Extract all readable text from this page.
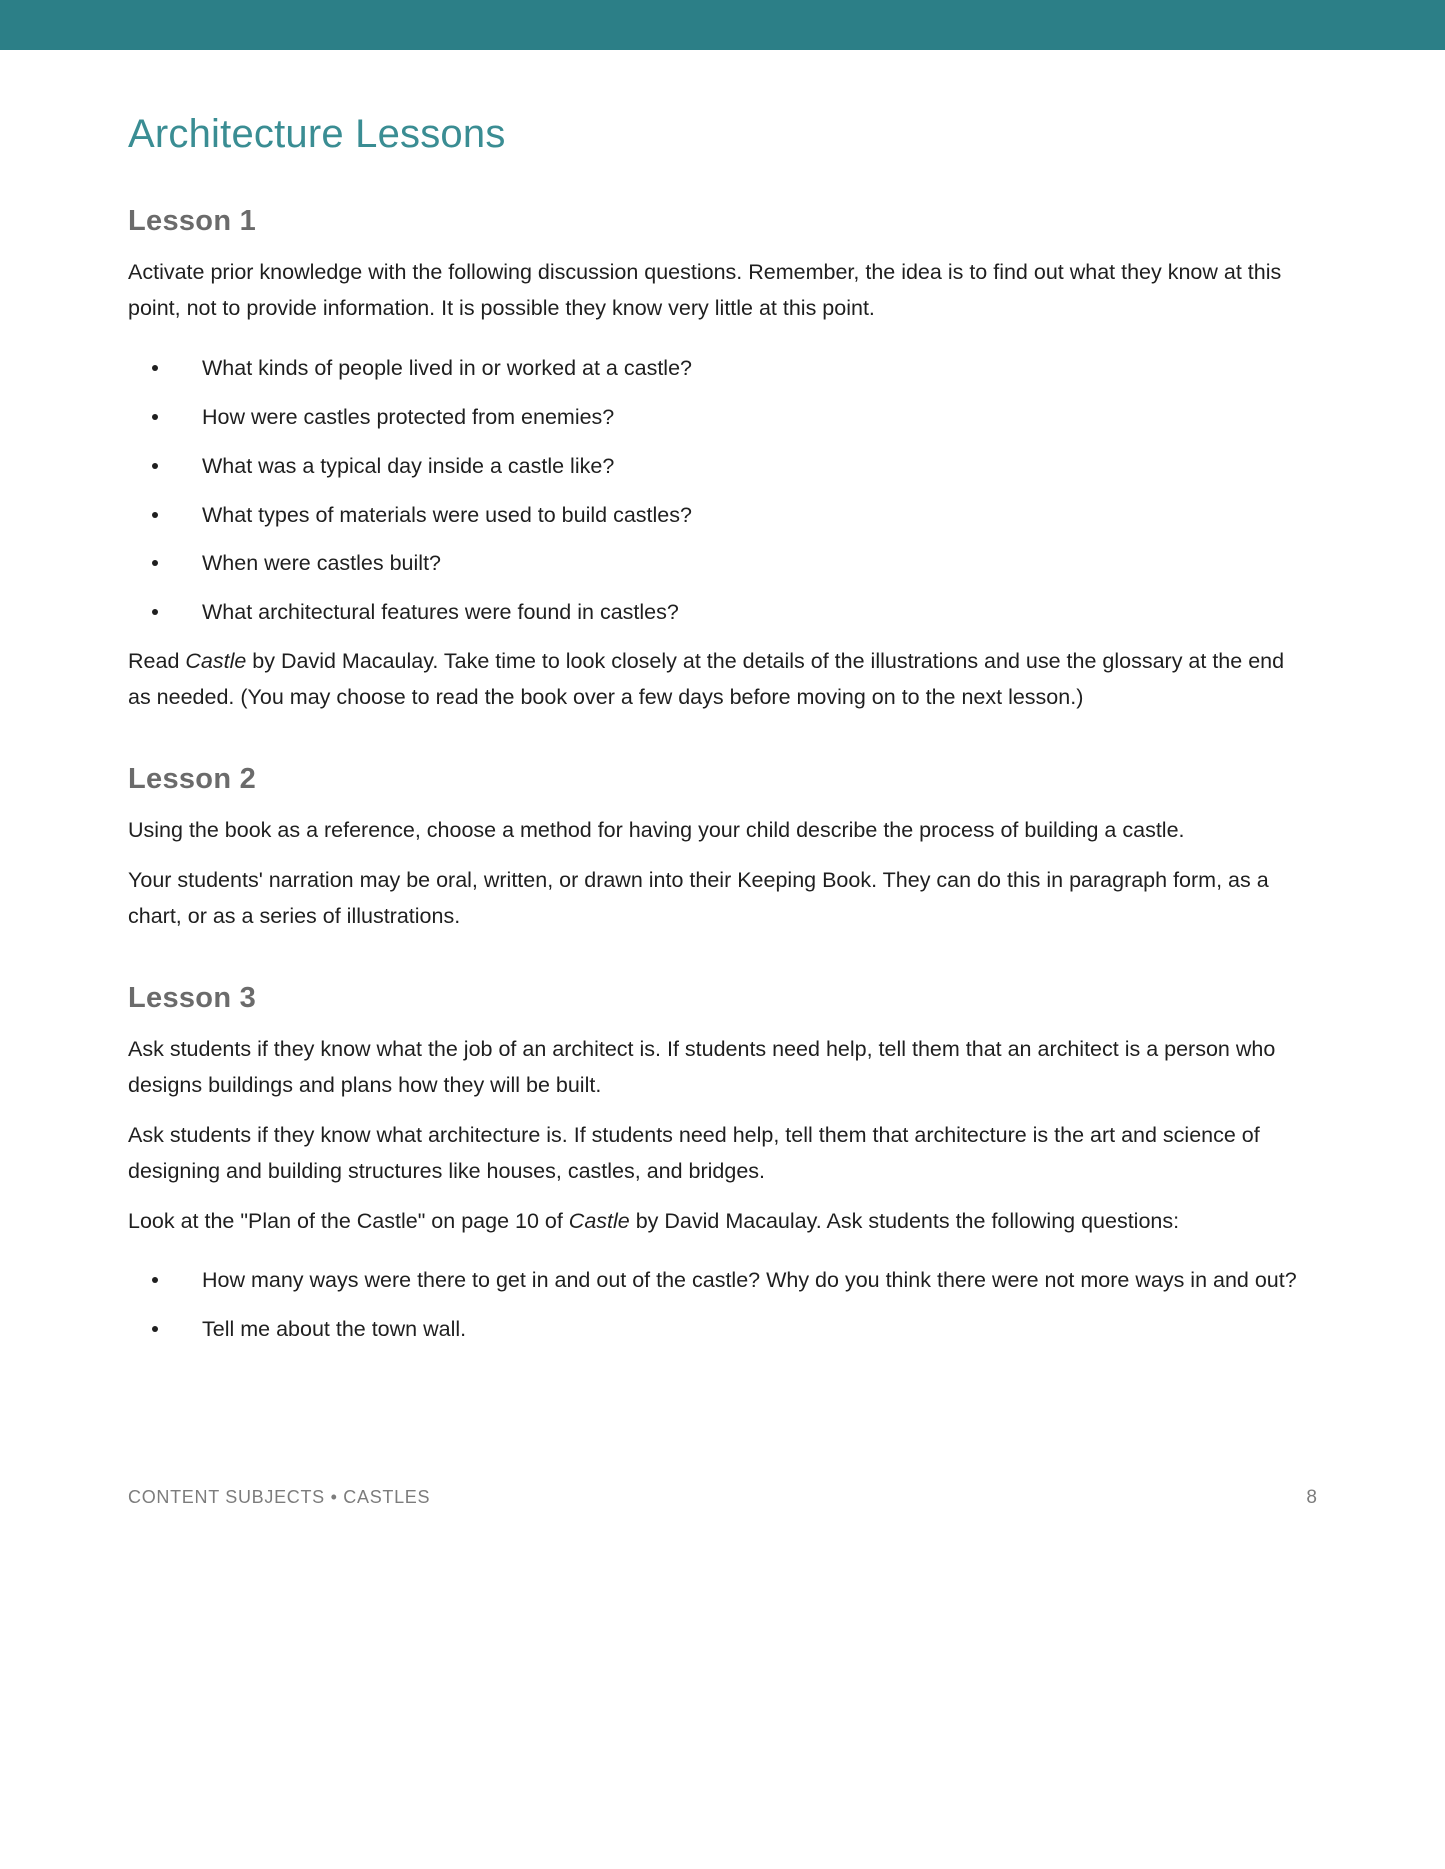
Architecture Lessons
Lesson 1

Activate prior knowledge with the following discussion questions. Remember, the idea is to find out what they know at this point, not to provide information. It is possible they know very little at this point.

What kinds of people lived in or worked at a castle?
How were castles protected from enemies?
What was a typical day inside a castle like?
What types of materials were used to build castles?
When were castles built?
What architectural features were found in castles?

Read Castle by David Macaulay. Take time to look closely at the details of the illustrations and use the glossary at the end as needed. (You may choose to read the book over a few days before moving on to the next lesson.)

Lesson 2

Using the book as a reference, choose a method for having your child describe the process of building a castle.

Your students' narration may be oral, written, or drawn into their Keeping Book. They can do this in paragraph form, as a chart, or as a series of illustrations.

Lesson 3

Ask students if they know what the job of an architect is. If students need help, tell them that an architect is a person who designs buildings and plans how they will be built.

Ask students if they know what architecture is. If students need help, tell them that architecture is the art and science of designing and building structures like houses, castles, and bridges.

Look at the "Plan of the Castle" on page 10 of Castle by David Macaulay. Ask students the following questions:

How many ways were there to get in and out of the castle? Why do you think there were not more ways in and out?
Tell me about the town wall.
CONTENT SUBJECTS • CASTLES	8
